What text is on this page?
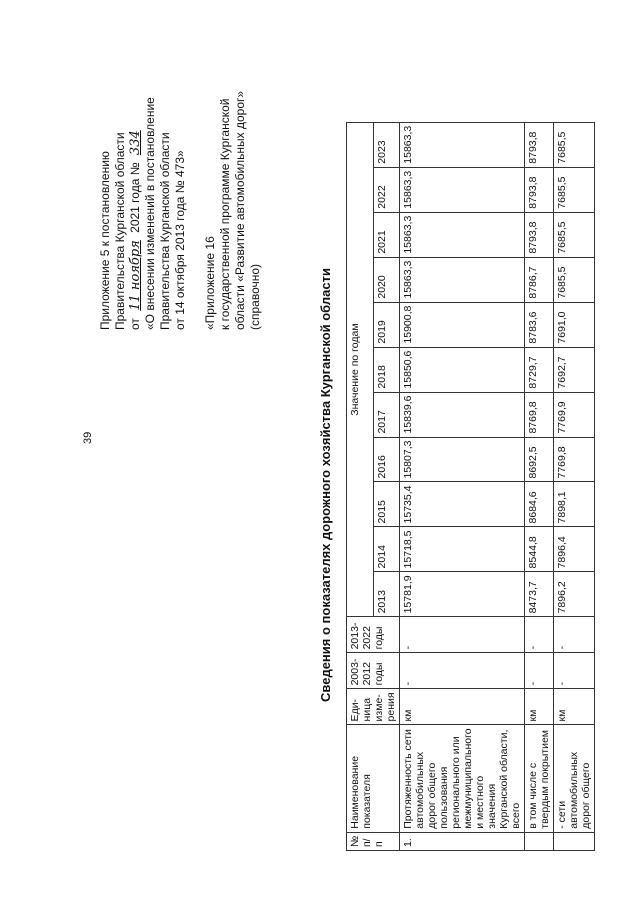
39
Приложение 5 к постановлению Правительства Курганской области от 11 ноября 2021 года № 334 «О внесении изменений в постановление Правительства Курганской области от 14 октября 2013 года № 473» «Приложение 16 к государственной программе Курганской области «Развитие автомобильных дорог» (справочно)	Сведения о показателях дорожного хозяйства Курганской области
№ п/п	Наименование показателя	Еди- ница изме- рения	2003- 2012 годы	2013- 2022 годы	Значение по годам										
					2013	2014	2015	2016	2017	2018	2019	2020	2021	2022	2023
1.	Протяженность сети автомобильных дорог общего пользования регионального или межмуниципального и местного значения Курганской области, всего	км	-	-	15781,9	15718,5	15735,4	15807,3	15839,6	15850,6	15900,8	15863,3	15863,3	15863,3	15863,3
	в том числе с твердым покрытием	км	-	-	8473,7	8544,8	8684,6	8692,5	8769,8	8729,7	8783,6	8786,7	8793,8	8793,8	8793,8
	- сети автомобильных дорог общего	км	-	-	7896,2	7896,4	7898,1	7769,8	7769,9	7692,7	7691,0	7685,5	7685,5	7685,5	7685,5
